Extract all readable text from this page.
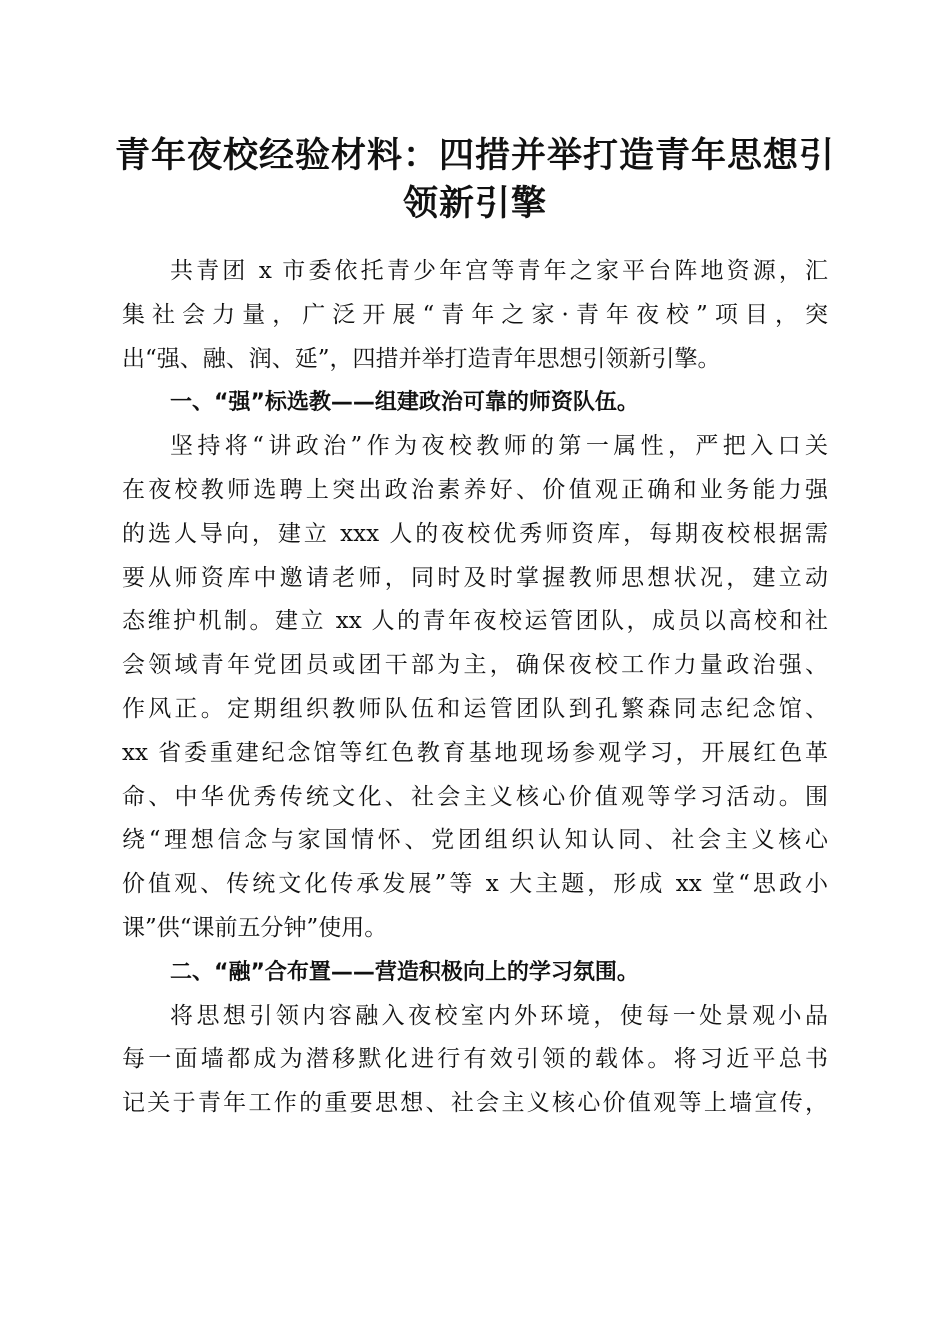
青年夜校经验材料：四措并举打造青年思想引
领新引擎
共青团 x 市委依托青少年宫等青年之家平台阵地资源，汇
集社会力量，广泛开展“青年之家·青年夜校”项目，突
出“强、融、润、延”，四措并举打造青年思想引领新引擎。
一、“强”标选教——组建政治可靠的师资队伍。
坚持将“讲政治”作为夜校教师的第一属性，严把入口关
在夜校教师选聘上突出政治素养好、价值观正确和业务能力强
的选人导向，建立 xxx 人的夜校优秀师资库，每期夜校根据需
要从师资库中邀请老师，同时及时掌握教师思想状况，建立动
态维护机制。建立 xx 人的青年夜校运管团队，成员以高校和社
会领域青年党团员或团干部为主，确保夜校工作力量政治强、
作风正。定期组织教师队伍和运管团队到孔繁森同志纪念馆、
xx 省委重建纪念馆等红色教育基地现场参观学习，开展红色革
命、中华优秀传统文化、社会主义核心价值观等学习活动。围
绕“理想信念与家国情怀、党团组织认知认同、社会主义核心
价值观、传统文化传承发展”等 x 大主题，形成 xx 堂“思政小
课”供“课前五分钟”使用。
二、“融”合布置——营造积极向上的学习氛围。
将思想引领内容融入夜校室内外环境，使每一处景观小品
每一面墙都成为潜移默化进行有效引领的载体。将习近平总书
记关于青年工作的重要思想、社会主义核心价值观等上墙宣传，
